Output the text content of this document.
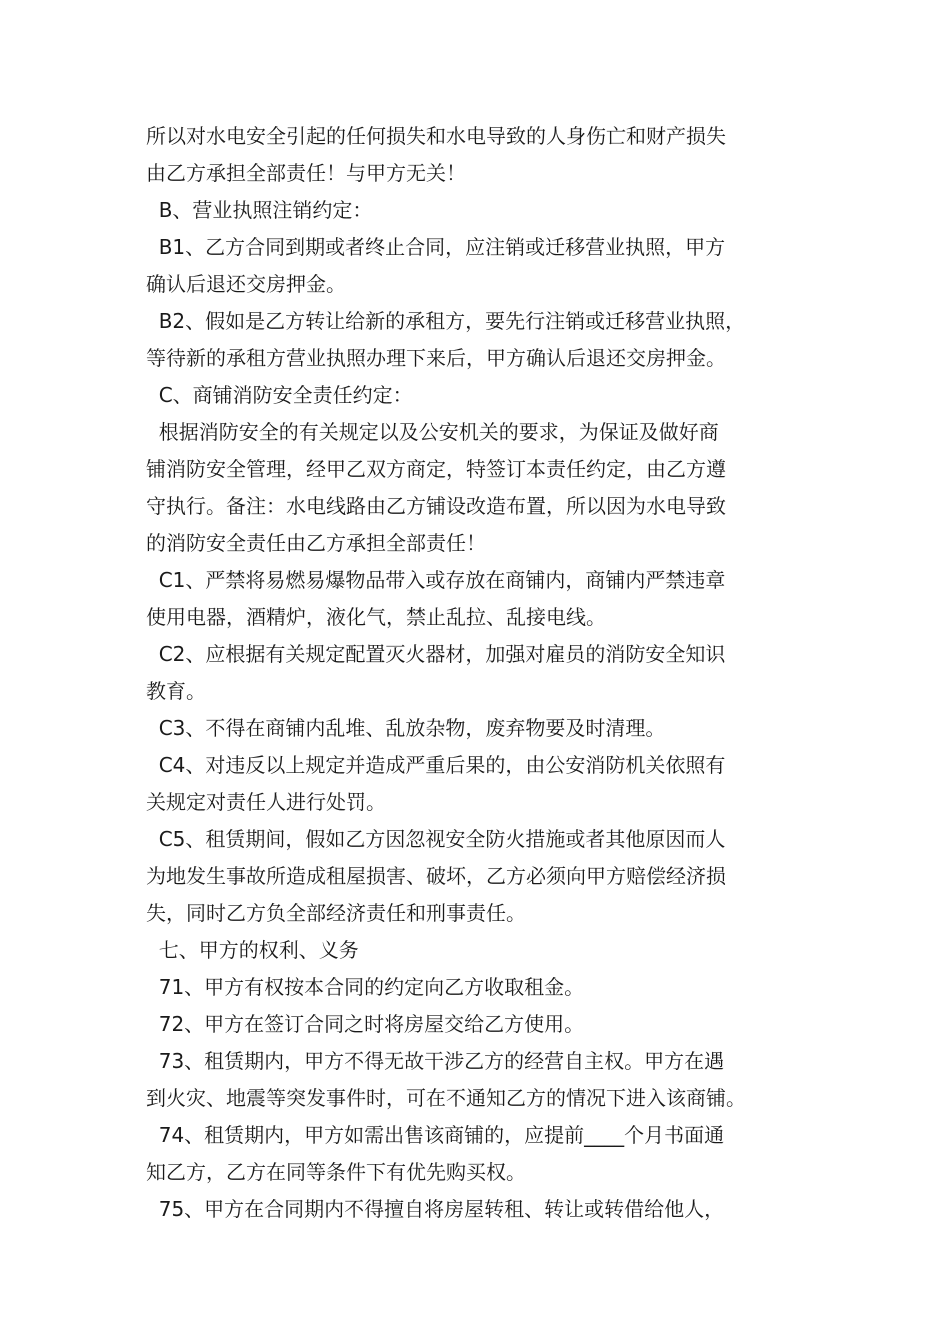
所以对水电安全引起的任何损失和水电导致的人身伤亡和财产损失
由乙方承担全部责任！与甲方无关！
B、营业执照注销约定：
B1、乙方合同到期或者终止合同，应注销或迁移营业执照，甲方
确认后退还交房押金。
B2、假如是乙方转让给新的承租方，要先行注销或迁移营业执照，
等待新的承租方营业执照办理下来后，甲方确认后退还交房押金。
C、商铺消防安全责任约定：
根据消防安全的有关规定以及公安机关的要求，为保证及做好商
铺消防安全管理，经甲乙双方商定，特签订本责任约定，由乙方遵
守执行。备注：水电线路由乙方铺设改造布置，所以因为水电导致
的消防安全责任由乙方承担全部责任！
C1、严禁将易燃易爆物品带入或存放在商铺内，商铺内严禁违章
使用电器，酒精炉，液化气，禁止乱拉、乱接电线。
C2、应根据有关规定配置灭火器材，加强对雇员的消防安全知识
教育。
C3、不得在商铺内乱堆、乱放杂物，废弃物要及时清理。
C4、对违反以上规定并造成严重后果的，由公安消防机关依照有
关规定对责任人进行处罚。
C5、租赁期间，假如乙方因忽视安全防火措施或者其他原因而人
为地发生事故所造成租屋损害、破坏，乙方必须向甲方赔偿经济损
失，同时乙方负全部经济责任和刑事责任。
七、甲方的权利、义务
71、甲方有权按本合同的约定向乙方收取租金。
72、甲方在签订合同之时将房屋交给乙方使用。
73、租赁期内，甲方不得无故干涉乙方的经营自主权。甲方在遇
到火灾、地震等突发事件时，可在不通知乙方的情况下进入该商铺。
74、租赁期内，甲方如需出售该商铺的，应提前____个月书面通
知乙方，乙方在同等条件下有优先购买权。
75、甲方在合同期内不得擅自将房屋转租、转让或转借给他人，
